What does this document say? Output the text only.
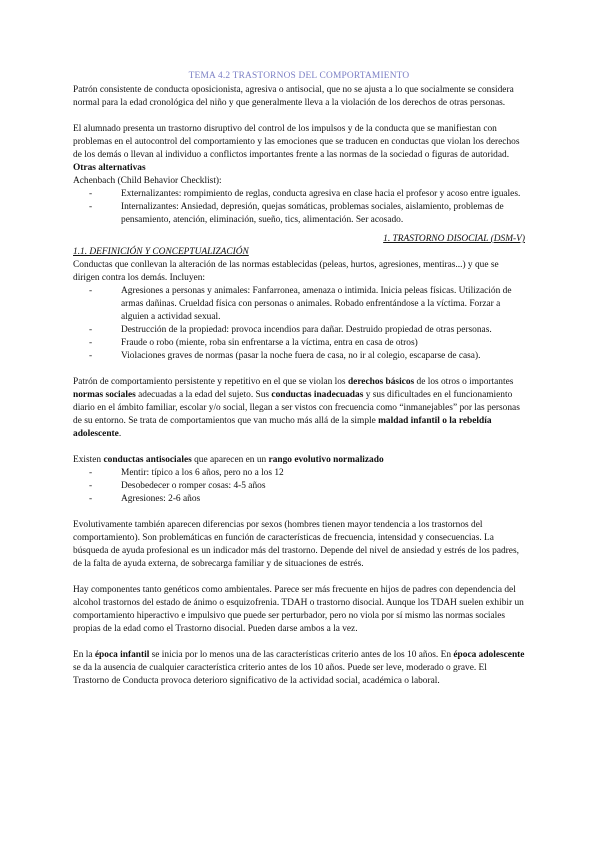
TEMA 4.2 TRASTORNOS DEL COMPORTAMIENTO

Patrón consistente de conducta oposicionista, agresiva o antisocial, que no se ajusta a lo que socialmente se considera normal para la edad cronológica del niño y que generalmente lleva a la violación de los derechos de otras personas.

El alumnado presenta un trastorno disruptivo del control de los impulsos y de la conducta que se manifiestan con problemas en el autocontrol del comportamiento y las emociones que se traducen en conductas que violan los derechos de los demás o llevan al individuo a conflictos importantes frente a las normas de la sociedad o figuras de autoridad.

Otras alternativas

Achenbach (Child Behavior Checklist):

- Externalizantes: rompimiento de reglas, conducta agresiva en clase hacia el profesor y acoso entre iguales.
- Internalizantes: Ansiedad, depresión, quejas somáticas, problemas sociales, aislamiento, problemas de pensamiento, atención, eliminación, sueño, tics, alimentación. Ser acosado.

1. TRASTORNO DISOCIAL (DSM-V)

1.1. DEFINICIÓN Y CONCEPTUALIZACIÓN

Conductas que conllevan la alteración de las normas establecidas (peleas, hurtos, agresiones, mentiras...) y que se dirigen contra los demás. Incluyen:

- Agresiones a personas y animales: Fanfarronea, amenaza o intimida. Inicia peleas físicas. Utilización de armas dañinas. Crueldad física con personas o animales. Robado enfrentándose a la víctima. Forzar a alguien a actividad sexual.
- Destrucción de la propiedad: provoca incendios para dañar. Destruido propiedad de otras personas.
- Fraude o robo (miente, roba sin enfrentarse a la víctima, entra en casa de otros)
- Violaciones graves de normas (pasar la noche fuera de casa, no ir al colegio, escaparse de casa).

Patrón de comportamiento persistente y repetitivo en el que se violan los derechos básicos de los otros o importantes normas sociales adecuadas a la edad del sujeto. Sus conductas inadecuadas y sus dificultades en el funcionamiento diario en el ámbito familiar, escolar y/o social, llegan a ser vistos con frecuencia como “inmanejables” por las personas de su entorno. Se trata de comportamientos que van mucho más allá de la simple maldad infantil o la rebeldía adolescente.

Existen conductas antisociales que aparecen en un rango evolutivo normalizado

- Mentir: típico a los 6 años, pero no a los 12
- Desobedecer o romper cosas: 4-5 años
- Agresiones: 2-6 años

Evolutivamente también aparecen diferencias por sexos (hombres tienen mayor tendencia a los trastornos del comportamiento). Son problemáticas en función de características de frecuencia, intensidad y consecuencias. La búsqueda de ayuda profesional es un indicador más del trastorno. Depende del nivel de ansiedad y estrés de los padres, de la falta de ayuda externa, de sobrecarga familiar y de situaciones de estrés.

Hay componentes tanto genéticos como ambientales. Parece ser más frecuente en hijos de padres con dependencia del alcohol trastornos del estado de ánimo o esquizofrenia. TDAH o trastorno disocial. Aunque los TDAH suelen exhibir un comportamiento hiperactivo e impulsivo que puede ser perturbador, pero no viola por sí mismo las normas sociales propias de la edad como el Trastorno disocial. Pueden darse ambos a la vez.

En la época infantil se inicia por lo menos una de las características criterio antes de los 10 años. En época adolescente se da la ausencia de cualquier característica criterio antes de los 10 años. Puede ser leve, moderado o grave. El Trastorno de Conducta provoca deterioro significativo de la actividad social, académica o laboral.
